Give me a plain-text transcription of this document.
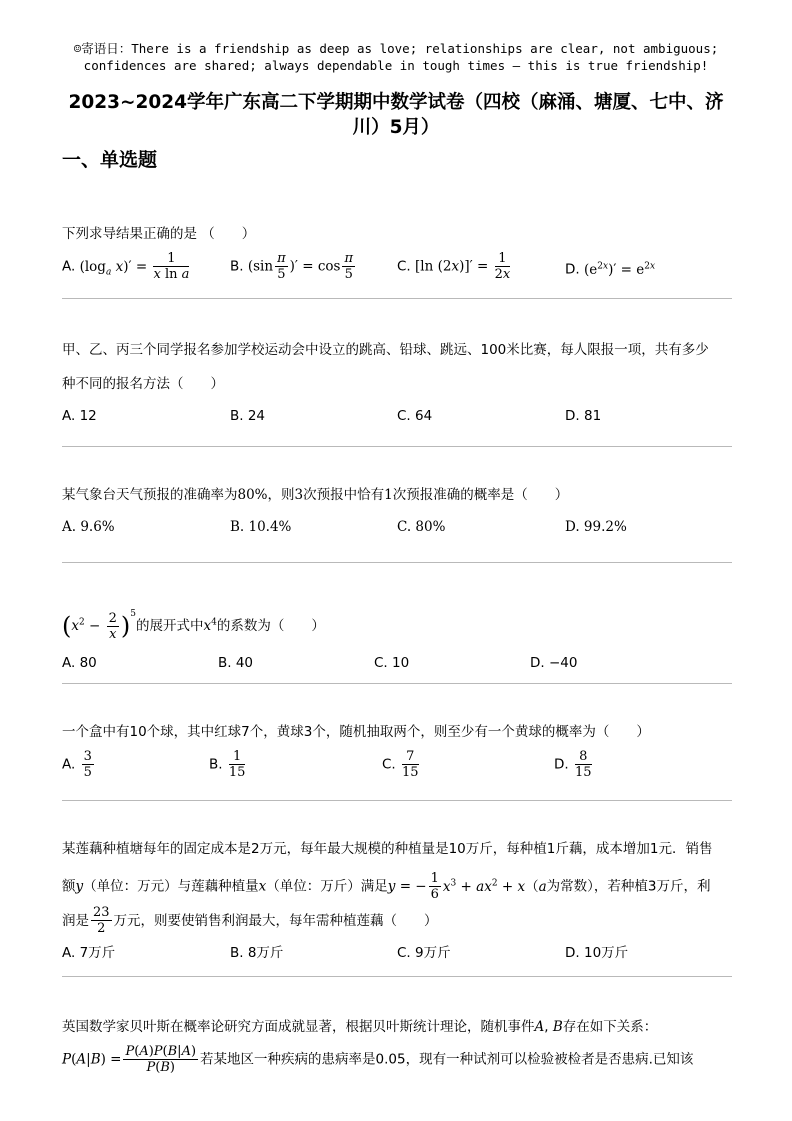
☺寄语日：There is a friendship as deep as love; relationships are clear, not ambiguous;
confidences are shared; always dependable in tough times — this is true friendship!
2023~2024学年广东高二下学期期中数学试卷（四校（麻涌、塘厦、七中、济
川）5月）
一、单选题
下列求导结果正确的是 （　　）
A. ($\log_a$ $x)' = \frac{1}{\text{x ln a}}$	B. ($\sin \frac{\pi}{5}$ )′ = $\cos \frac{\pi}{5}$	C. [ln $(2x)]' = \frac{1}{2x}$	D. $(e^{2x})' = e^{2x}$
甲、乙、丙三个同学报名参加学校运动会中设立的跳高、铅球、跳远、100米比赛，每人限报一项，共有多少
种不同的报名方法（　　）
A. 12	B. 24	C. 64	D. 81
某气象台天气预报的准确率为80%，则3次预报中恰有1次预报准确的概率是（　　）
A. 9.6%	B. 10.4%	C. 80%	D. 99.2%
$(x^2 - \frac{2}{x} )^5$的展开式中$x^4$的系数为（　　）
A. 80	B. 40	C. 10	D. −40
一个盒中有10个球，其中红球7个，黄球3个，随机抽取两个，则至少有一个黄球的概率为（　　）
A. $\frac{3}{5}$	B. $\frac{1}{15}$	C. $\frac{7}{15}$	D. $\frac{8}{15}$
某莲藕种植塘每年的固定成本是2万元，每年最大规模的种植量是10万斤，每种植1斤藕，成本增加1元．销售
额y（单位：万元）与莲藕种植量x（单位：万斤）满足y = − $\frac{1}{6} x^3 + ax^2 + x(a$为常数），若种植3万斤，利
润是 $\frac{23}{2}$ 万元，则要使销售利润最大，每年需种植莲藕（　　）
A. 7万斤	B. 8万斤	C. 9万斤	D. 10万斤
英国数学家贝叶斯在概率论研究方面成就显著，根据贝叶斯统计理论，随机事件A, B存在如下关系：
$P(A|B) = \frac{P(A)P(B|A)}{P(B)}$ 若某地区一种疾病的患病率是0.05，现有一种试剂可以检验被检者是否患病.已知该
